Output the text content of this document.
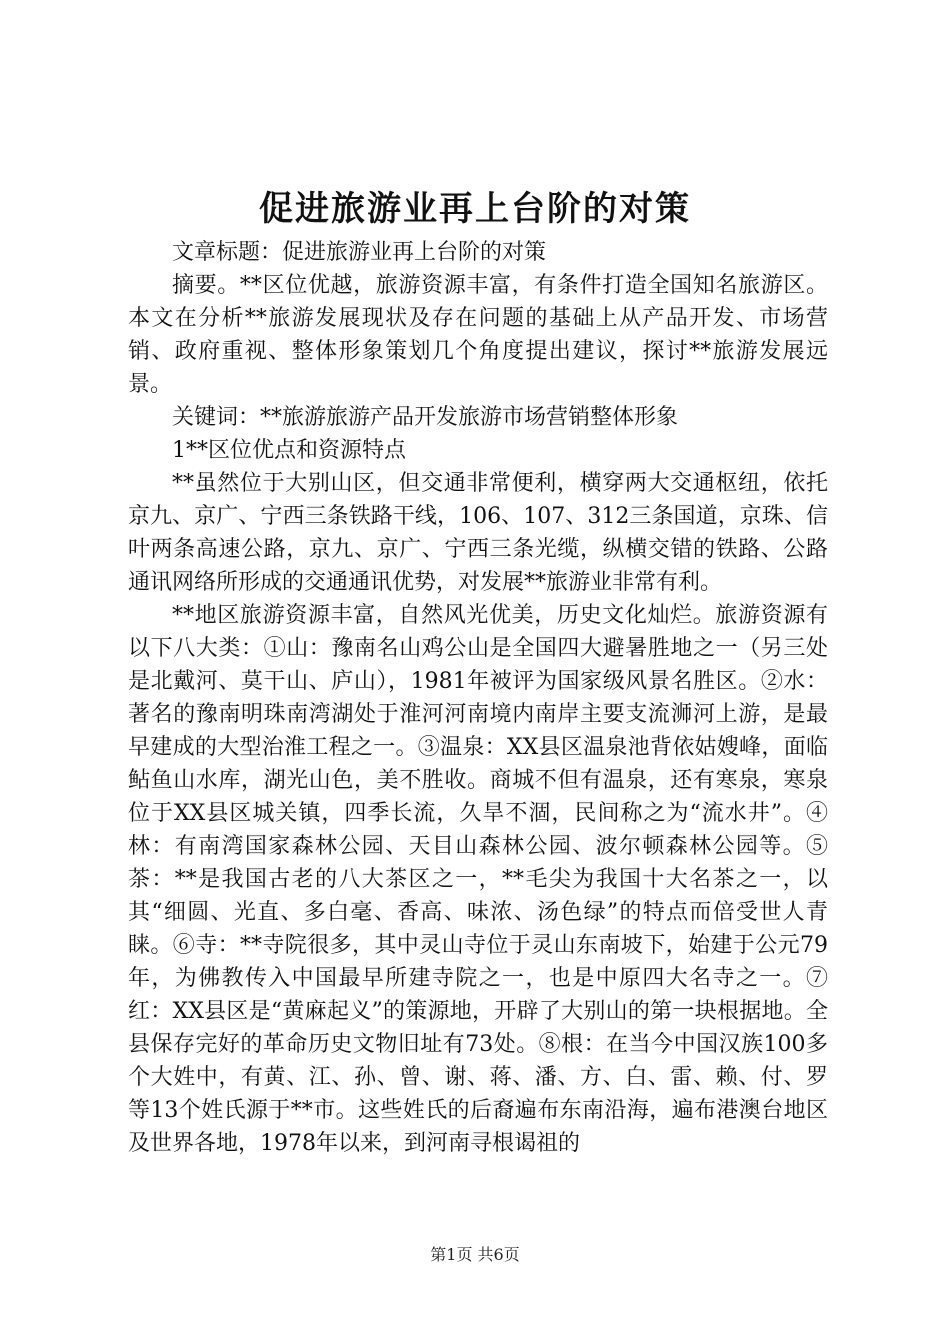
促进旅游业再上台阶的对策

文章标题：促进旅游业再上台阶的对策

摘要。**区位优越，旅游资源丰富，有条件打造全国知名旅游区。本文在分析**旅游发展现状及存在问题的基础上从产品开发、市场营销、政府重视、整体形象策划几个角度提出建议，探讨**旅游发展远景。

关键词：**旅游旅游产品开发旅游市场营销整体形象

1**区位优点和资源特点

**虽然位于大别山区，但交通非常便利，横穿两大交通枢纽，依托京九、京广、宁西三条铁路干线，106、107、312三条国道，京珠、信叶两条高速公路，京九、京广、宁西三条光缆，纵横交错的铁路、公路通讯网络所形成的交通通讯优势，对发展**旅游业非常有利。

**地区旅游资源丰富，自然风光优美，历史文化灿烂。旅游资源有以下八大类：①山：豫南名山鸡公山是全国四大避暑胜地之一（另三处是北戴河、莫干山、庐山），1981年被评为国家级风景名胜区。②水：著名的豫南明珠南湾湖处于淮河河南境内南岸主要支流浉河上游，是最早建成的大型治淮工程之一。③温泉：XX县区温泉池背依姑嫂峰，面临鲇鱼山水库，湖光山色，美不胜收。商城不但有温泉，还有寒泉，寒泉位于XX县区城关镇，四季长流，久旱不涸，民间称之为“流水井”。④林：有南湾国家森林公园、天目山森林公园、波尔顿森林公园等。⑤茶：**是我国古老的八大茶区之一，**毛尖为我国十大名茶之一，以其“细圆、光直、多白毫、香高、味浓、汤色绿”的特点而倍受世人青睐。⑥寺：**寺院很多，其中灵山寺位于灵山东南坡下，始建于公元79年，为佛教传入中国最早所建寺院之一，也是中原四大名寺之一。⑦红：XX县区是“黄麻起义”的策源地，开辟了大别山的第一块根据地。全县保存完好的革命历史文物旧址有73处。⑧根：在当今中国汉族100多个大姓中，有黄、江、孙、曾、谢、蒋、潘、方、白、雷、赖、付、罗等13个姓氏源于**市。这些姓氏的后裔遍布东南沿海，遍布港澳台地区及世界各地，1978年以来，到河南寻根谒祖的

第1页 共6页
